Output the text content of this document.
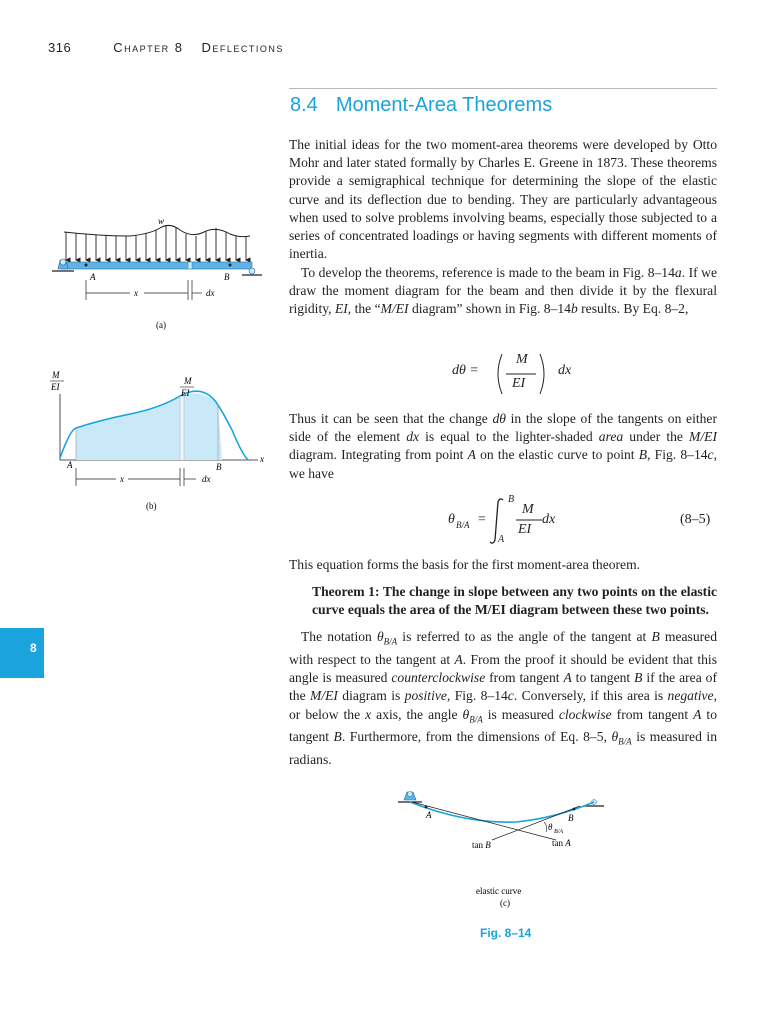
316	Chapter 8 Deflections
8.4 Moment-Area Theorems
The initial ideas for the two moment-area theorems were developed by Otto Mohr and later stated formally by Charles E. Greene in 1873. These theorems provide a semigraphical technique for determining the slope of the elastic curve and its deflection due to bending. They are particularly advantageous when used to solve problems involving beams, especially those subjected to a series of concentrated loadings or having segments with different moments of inertia.
To develop the theorems, reference is made to the beam in Fig. 8–14a. If we draw the moment diagram for the beam and then divide it by the flexural rigidity, EI, the “M/EI diagram” shown in Fig. 8–14b results. By Eq. 8–2,
dθ =
M
EI
dx
Thus it can be seen that the change dθ in the slope of the tangents on either side of the element dx is equal to the lighter-shaded area under the M/EI diagram. Integrating from point A on the elastic curve to point B, Fig. 8–14c, we have
θ B/A =
B
A
M
EI
dx	(8–5)
This equation forms the basis for the first moment-area theorem.
Theorem 1: The change in slope between any two points on the elastic curve equals the area of the M/EI diagram between these two points.
The notation $\theta_{B/A}$ is referred to as the angle of the tangent at B measured with respect to the tangent at A. From the proof it should be evident that this angle is measured counterclockwise from tangent A to tangent B if the area of the M/EI diagram is positive, Fig. 8–14c. Conversely, if this area is negative, or below the x axis, the angle $\theta_{B/A}$ is measured clockwise from tangent A to tangent B. Furthermore, from the dimensions of Eq. 8–5, $\theta_{B/A}$ is measured in radians.
8
w
A	B
x	dx
(a)
M
EI
x
M
EI
A	B
x	dx
(b)
A	B
θ B/A
tan B	tan A
elastic curve
(c)
Fig. 8–14
